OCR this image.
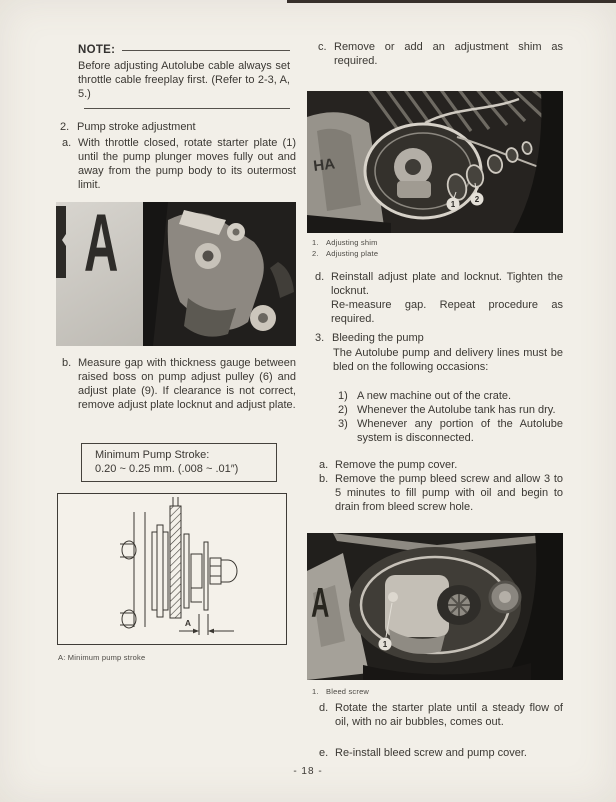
NOTE:

Before adjusting Autolube cable always set throttle cable freeplay first. (Refer to 2-3, A, 5.)

2. Pump stroke adjustment
a. With throttle closed, rotate starter plate (1) until the pump plunger moves fully out and away from the pump body to its outermost limit.

A
b. Measure gap with thickness gauge between raised boss on pump adjust pulley (6) and adjust plate (9). If clearance is not correct, remove adjust plate locknut and adjust plate.

Minimum Pump Stroke:

0.20 ~ 0.25 mm. (.008 ~ .01″)

A
A: Minimum pump stroke
c. Remove or add an adjustment shim as required.

HA
1
2
1. Adjusting shim
2. Adjusting plate
d. Reinstall adjust plate and locknut. Tighten the locknut.

Re-measure gap. Repeat procedure as required.

3. Bleeding the pump

The Autolube pump and delivery lines must be bled on the following occasions:

1) A new machine out of the crate.

2) Whenever the Autolube tank has run dry.

3) Whenever any portion of the Autolube system is disconnected.

a. Remove the pump cover.

b. Remove the pump bleed screw and allow 3 to 5 minutes to fill pump with oil and begin to drain from bleed screw hole.

A
1
1. Bleed screw
d. Rotate the starter plate until a steady flow of oil, with no air bubbles, comes out.

e. Re-install bleed screw and pump cover.

- 18 -
